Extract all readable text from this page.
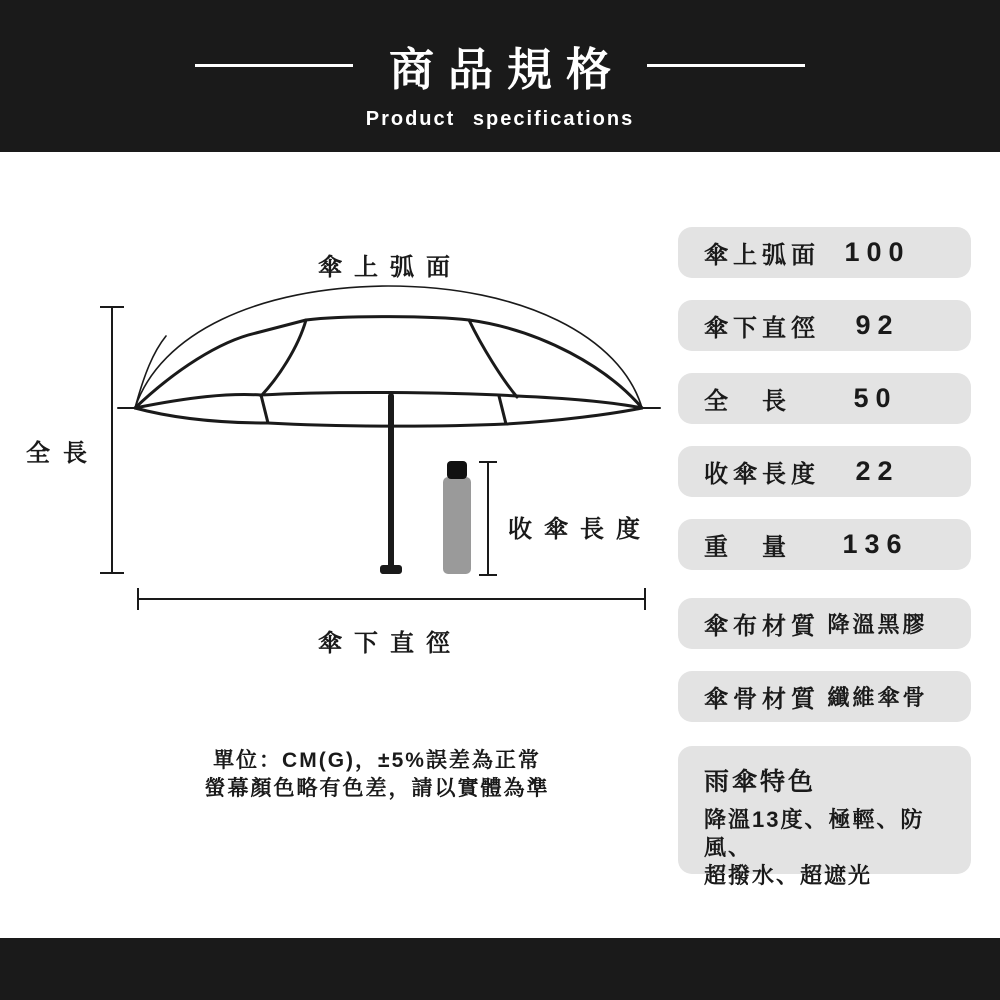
商品規格
Product specifications
傘上弧面
全長
收傘長度
傘下直徑
傘上弧面 100
傘下直徑	92
全　長	50
收傘長度	22
重　量	136
傘布材質 降溫黑膠
傘骨材質 纖維傘骨
雨傘特色
降溫13度、極輕、防風、
超撥水、超遮光
單位：CM(G)，±5%誤差為正常
螢幕顏色略有色差，請以實體為準
